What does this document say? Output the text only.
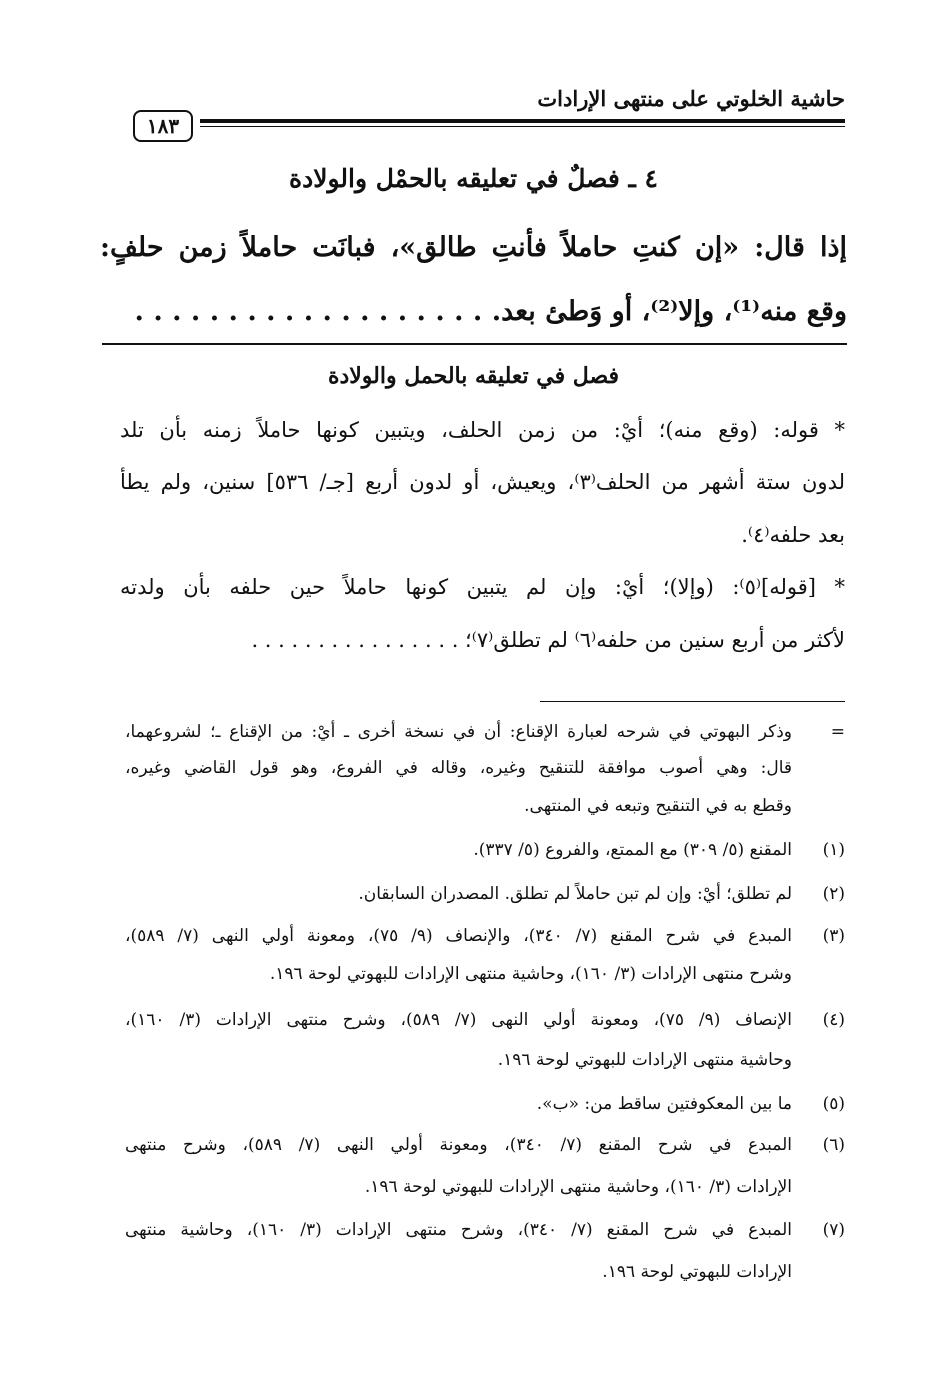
حاشية الخلوتي على منتهى الإرادات
١٨٣
٤ ـ فصلٌ في تعليقه بالحمْل والولادة
إذا قال: «إن كنتِ حاملاً فأنتِ طالق»، فبانَت حاملاً زمن حلفٍ:
وقع منه⁽¹⁾، وإلا⁽²⁾، أو وَطئ بعد. . . . . . . . . . . . . . . . . . . .
فصل في تعليقه بالحمل والولادة
* قوله: (وقع منه)؛ أيْ: من زمن الحلف، ويتبين كونها حاملاً زمنه بأن تلد
لدون ستة أشهر من الحلف⁽٣⁾، ويعيش، أو لدون أربع [جـ/ ٥٣٦] سنين، ولم يطأ
بعد حلفه⁽٤⁾.
* [قوله]⁽٥⁾: (وإلا)؛ أيْ: وإن لم يتبين كونها حاملاً حين حلفه بأن ولدته
لأكثر من أربع سنين من حلفه⁽٦⁾ لم تطلق⁽٧⁾؛ . . . . . . . . . . . . . . . .
=
وذكر البهوتي في شرحه لعبارة الإقناع: أن في نسخة أخرى ـ أيْ: من الإقناع ـ؛ لشروعهما،
قال: وهي أصوب موافقة للتنقيح وغيره، وقاله في الفروع، وهو قول القاضي وغيره،
وقطع به في التنقيح وتبعه في المنتهى.
(١)
المقنع (٥/ ٣٠٩) مع الممتع، والفروع (٥/ ٣٣٧).
(٢)
لم تطلق؛ أيْ: وإن لم تبن حاملاً لم تطلق. المصدران السابقان.
(٣)
المبدع في شرح المقنع (٧/ ٣٤٠)، والإنصاف (٩/ ٧٥)، ومعونة أولي النهى (٧/ ٥٨٩)،
وشرح منتهى الإرادات (٣/ ١٦٠)، وحاشية منتهى الإرادات للبهوتي لوحة ١٩٦.
(٤)
الإنصاف (٩/ ٧٥)، ومعونة أولي النهى (٧/ ٥٨٩)، وشرح منتهى الإرادات (٣/ ١٦٠)،
وحاشية منتهى الإرادات للبهوتي لوحة ١٩٦.
(٥)
ما بين المعكوفتين ساقط من: «ب».
(٦)
المبدع في شرح المقنع (٧/ ٣٤٠)، ومعونة أولي النهى (٧/ ٥٨٩)، وشرح منتهى
الإرادات (٣/ ١٦٠)، وحاشية منتهى الإرادات للبهوتي لوحة ١٩٦.
(٧)
المبدع في شرح المقنع (٧/ ٣٤٠)، وشرح منتهى الإرادات (٣/ ١٦٠)، وحاشية منتهى
الإرادات للبهوتي لوحة ١٩٦.
